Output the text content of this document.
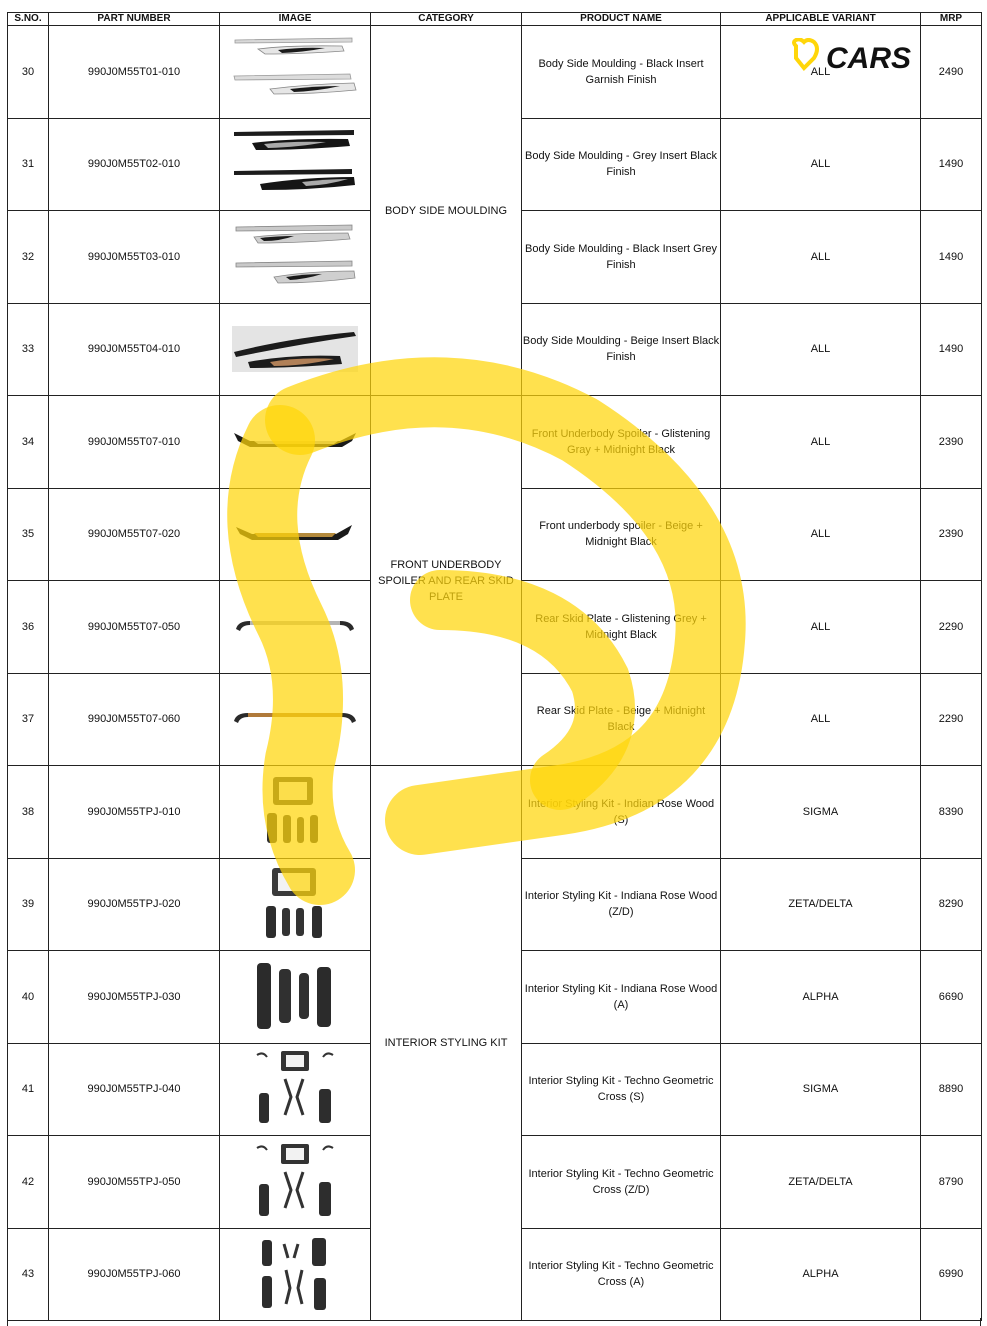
S.NO.	PART NUMBER	IMAGE	CATEGORY	PRODUCT NAME	APPLICABLE VARIANT	MRP
30	990J0M55T01-010		BODY SIDE MOULDING	Body Side Moulding - Black Insert Garnish Finish	ALL	2490
31	990J0M55T02-010			Body Side Moulding - Grey Insert Black Finish	ALL	1490
32	990J0M55T03-010			Body Side Moulding - Black Insert Grey Finish	ALL	1490
33	990J0M55T04-010			Body Side Moulding - Beige Insert Black Finish	ALL	1490
34	990J0M55T07-010		FRONT UNDERBODY SPOILER AND REAR SKID PLATE	Front Underbody Spoiler - Glistening Gray + Midnight Black	ALL	2390
35	990J0M55T07-020			Front underbody spoiler - Beige + Midnight Black	ALL	2390
36	990J0M55T07-050			Rear Skid Plate - Glistening Grey + Midnight Black	ALL	2290
37	990J0M55T07-060			Rear Skid Plate - Beige + Midnight Black	ALL	2290
38	990J0M55TPJ-010		INTERIOR STYLING KIT	Interior Styling Kit - Indian Rose Wood (S)	SIGMA	8390
39	990J0M55TPJ-020			Interior Styling Kit - Indiana Rose Wood (Z/D)	ZETA/DELTA	8290
40	990J0M55TPJ-030			Interior Styling Kit - Indiana Rose Wood (A)	ALPHA	6690
41	990J0M55TPJ-040			Interior Styling Kit - Techno Geometric Cross (S)	SIGMA	8890
42	990J0M55TPJ-050			Interior Styling Kit - Techno Geometric Cross (Z/D)	ZETA/DELTA	8790
43	990J0M55TPJ-060			Interior Styling Kit - Techno Geometric Cross (A)	ALPHA	6990
CARS
